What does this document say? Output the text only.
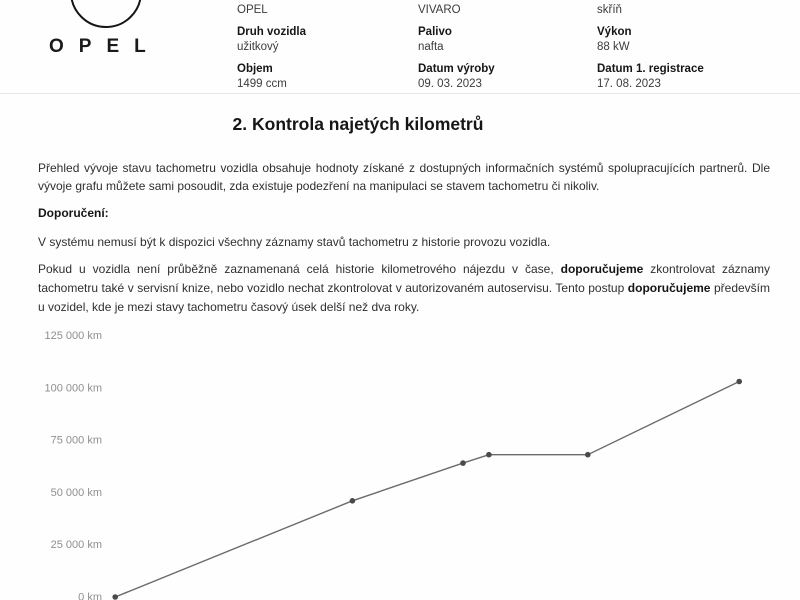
OPEL
OPEL
Druh vozidla
užitkový
Objem
1499 ccm
VIVARO
Palivo
nafta
Datum výroby
09. 03. 2023
skříň
Výkon
88 kW
Datum 1. registrace
17. 08. 2023
2. Kontrola najetých kilometrů

Přehled vývoje stavu tachometru vozidla obsahuje hodnoty získané z dostupných informačních systémů spolupracujících partnerů. Dle vývoje grafu můžete sami posoudit, zda existuje podezření na manipulaci se stavem tachometru či nikoliv.

Doporučení:

V systému nemusí být k dispozici všechny záznamy stavů tachometru z historie provozu vozidla.

Pokud u vozidla není průběžně zaznamenaná celá historie kilometrového nájezdu v čase, doporučujeme zkontrolovat záznamy tachometru také v servisní knize, nebo vozidlo nechat zkontrolovat v autorizovaném autoservisu. Tento postup doporučujeme především u vozidel, kde je mezi stavy tachometru časový úsek delší než dva roky.

125 000 km
100 000 km
75 000 km
50 000 km
25 000 km
0 km
